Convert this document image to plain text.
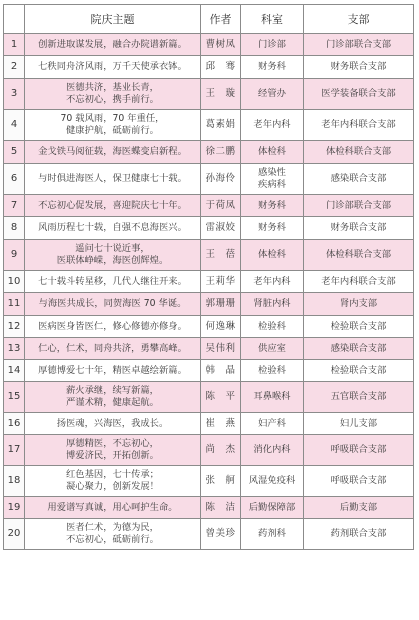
	院庆主题	作者	科室	支部
1	创新进取谋发展，融合办院谱新篇。	曹树凤	门诊部	门诊部联合支部
2	七秩同舟济风雨，万千天使承衣钵。	邱　骞	财务科	财务联合支部
3	医德共济，基业长青，
不忘初心，携手前行。	王　璇	经管办	医学装备联合支部
4	70 载风雨，70 年重任，
健康护航，砥砺前行。	葛素娟	老年内科	老年内科联合支部
5	金戈铁马阅征载，海医蝶变启新程。	徐二鹏	体检科	体检科联合支部
6	与时俱进海医人，保卫健康七十载。	孙海伶	感染性
疾病科	感染联合支部
7	不忘初心促发展，喜迎院庆七十年。	于荷凤	财务科	门诊部联合支部
8	风雨历程七十载，自强不息海医兴。	雷淑姣	财务科	财务联合支部
9	遥问七十说近事，
医联体峥嵘，海医创辉煌。	王　蓓	体检科	体检科联合支部
10	七十载斗转星移，几代人继往开来。	王莉华	老年内科	老年内科联合支部
11	与海医共成长，同贺海医 70 华诞。	郭珊珊	肾脏内科	肾内支部
12	医病医身皆医仁，修心修德亦修身。	何逸琳	检验科	检验联合支部
13	仁心，仁术，同舟共济，勇攀高峰。	吴伟利	供应室	感染联合支部
14	厚德博爱七十年，精医卓越绘新篇。	韩　晶	检验科	检验联合支部
15	薪火承继，续写新篇，
严谨术精，健康起航。	陈　平	耳鼻喉科	五官联合支部
16	扬医魂，兴海医，我成长。	崔　燕	妇产科	妇儿支部
17	厚德精医，不忘初心，
博爱济民，开拓创新。	尚　杰	消化内科	呼吸联合支部
18	红色基因，七十传承；
凝心聚力，创新发展！	张　舸	风湿免疫科	呼吸联合支部
19	用爱谱写真诚，用心呵护生命。	陈　洁	后勤保障部	后勤支部
20	医者仁术，为德为民，
不忘初心，砥砺前行。	曾美珍	药剂科	药剂联合支部
